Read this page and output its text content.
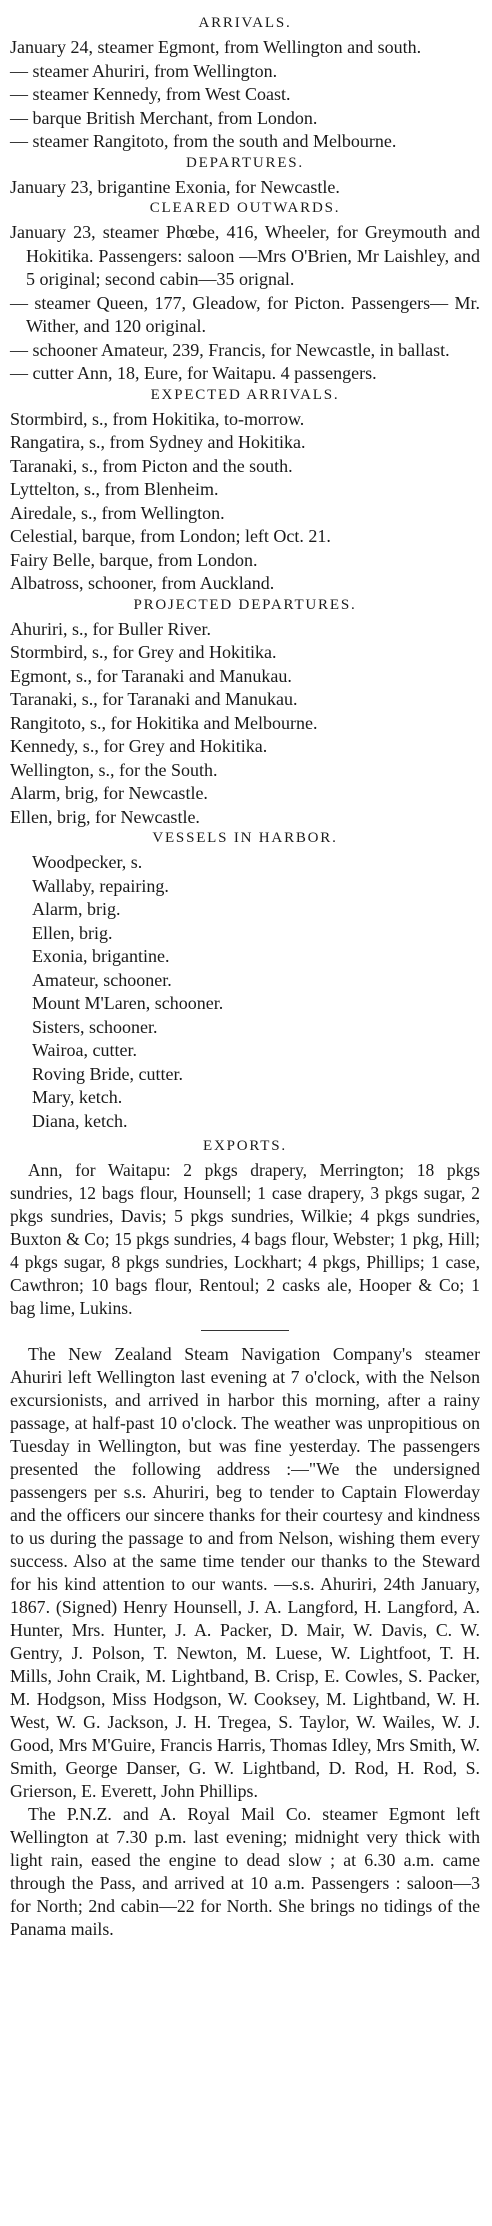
ARRIVALS.
January 24, steamer Egmont, from Wellington and south.
— steamer Ahuriri, from Wellington.
— steamer Kennedy, from West Coast.
— barque British Merchant, from London.
— steamer Rangitoto, from the south and Melbourne.
DEPARTURES.
January 23, brigantine Exonia, for Newcastle.
CLEARED OUTWARDS.
January 23, steamer Phœbe, 416, Wheeler, for Greymouth and Hokitika. Passengers: saloon —Mrs O'Brien, Mr Laishley, and 5 original; second cabin—35 orignal.
— steamer Queen, 177, Gleadow, for Picton. Passengers— Mr. Wither, and 120 original.
— schooner Amateur, 239, Francis, for Newcastle, in ballast.
— cutter Ann, 18, Eure, for Waitapu. 4 passengers.
EXPECTED ARRIVALS.
Stormbird, s., from Hokitika, to-morrow.
Rangatira, s., from Sydney and Hokitika.
Taranaki, s., from Picton and the south.
Lyttelton, s., from Blenheim.
Airedale, s., from Wellington.
Celestial, barque, from London; left Oct. 21.
Fairy Belle, barque, from London.
Albatross, schooner, from Auckland.
PROJECTED DEPARTURES.
Ahuriri, s., for Buller River.
Stormbird, s., for Grey and Hokitika.
Egmont, s., for Taranaki and Manukau.
Taranaki, s., for Taranaki and Manukau.
Rangitoto, s., for Hokitika and Melbourne.
Kennedy, s., for Grey and Hokitika.
Wellington, s., for the South.
Alarm, brig, for Newcastle.
Ellen, brig, for Newcastle.
VESSELS IN HARBOR.
Woodpecker, s.
Wallaby, repairing.
Alarm, brig.
Ellen, brig.
Exonia, brigantine.
Amateur, schooner.
Mount M'Laren, schooner.
Sisters, schooner.
Wairoa, cutter.
Roving Bride, cutter.
Mary, ketch.
Diana, ketch.
EXPORTS.
Ann, for Waitapu: 2 pkgs drapery, Merrington; 18 pkgs sundries, 12 bags flour, Hounsell; 1 case drapery, 3 pkgs sugar, 2 pkgs sundries, Davis; 5 pkgs sundries, Wilkie; 4 pkgs sundries, Buxton & Co; 15 pkgs sundries, 4 bags flour, Webster; 1 pkg, Hill; 4 pkgs sugar, 8 pkgs sundries, Lockhart; 4 pkgs, Phillips; 1 case, Cawthron; 10 bags flour, Rentoul; 2 casks ale, Hooper & Co; 1 bag lime, Lukins.

The New Zealand Steam Navigation Company's steamer Ahuriri left Wellington last evening at 7 o'clock, with the Nelson excursionists, and arrived in harbor this morning, after a rainy passage, at half-past 10 o'clock. The weather was unpropitious on Tuesday in Wellington, but was fine yesterday. The passengers presented the following address :—"We the undersigned passengers per s.s. Ahuriri, beg to tender to Captain Flowerday and the officers our sincere thanks for their courtesy and kindness to us during the passage to and from Nelson, wishing them every success. Also at the same time tender our thanks to the Steward for his kind attention to our wants. —s.s. Ahuriri, 24th January, 1867. (Signed) Henry Hounsell, J. A. Langford, H. Langford, A. Hunter, Mrs. Hunter, J. A. Packer, D. Mair, W. Davis, C. W. Gentry, J. Polson, T. Newton, M. Luese, W. Lightfoot, T. H. Mills, John Craik, M. Lightband, B. Crisp, E. Cowles, S. Packer, M. Hodgson, Miss Hodgson, W. Cooksey, M. Lightband, W. H. West, W. G. Jackson, J. H. Tregea, S. Taylor, W. Wailes, W. J. Good, Mrs M'Guire, Francis Harris, Thomas Idley, Mrs Smith, W. Smith, George Danser, G. W. Lightband, D. Rod, H. Rod, S. Grierson, E. Everett, John Phillips.

The P.N.Z. and A. Royal Mail Co. steamer Egmont left Wellington at 7.30 p.m. last evening; midnight very thick with light rain, eased the engine to dead slow ; at 6.30 a.m. came through the Pass, and arrived at 10 a.m. Passengers : saloon—3 for North; 2nd cabin—22 for North. She brings no tidings of the Panama mails.
